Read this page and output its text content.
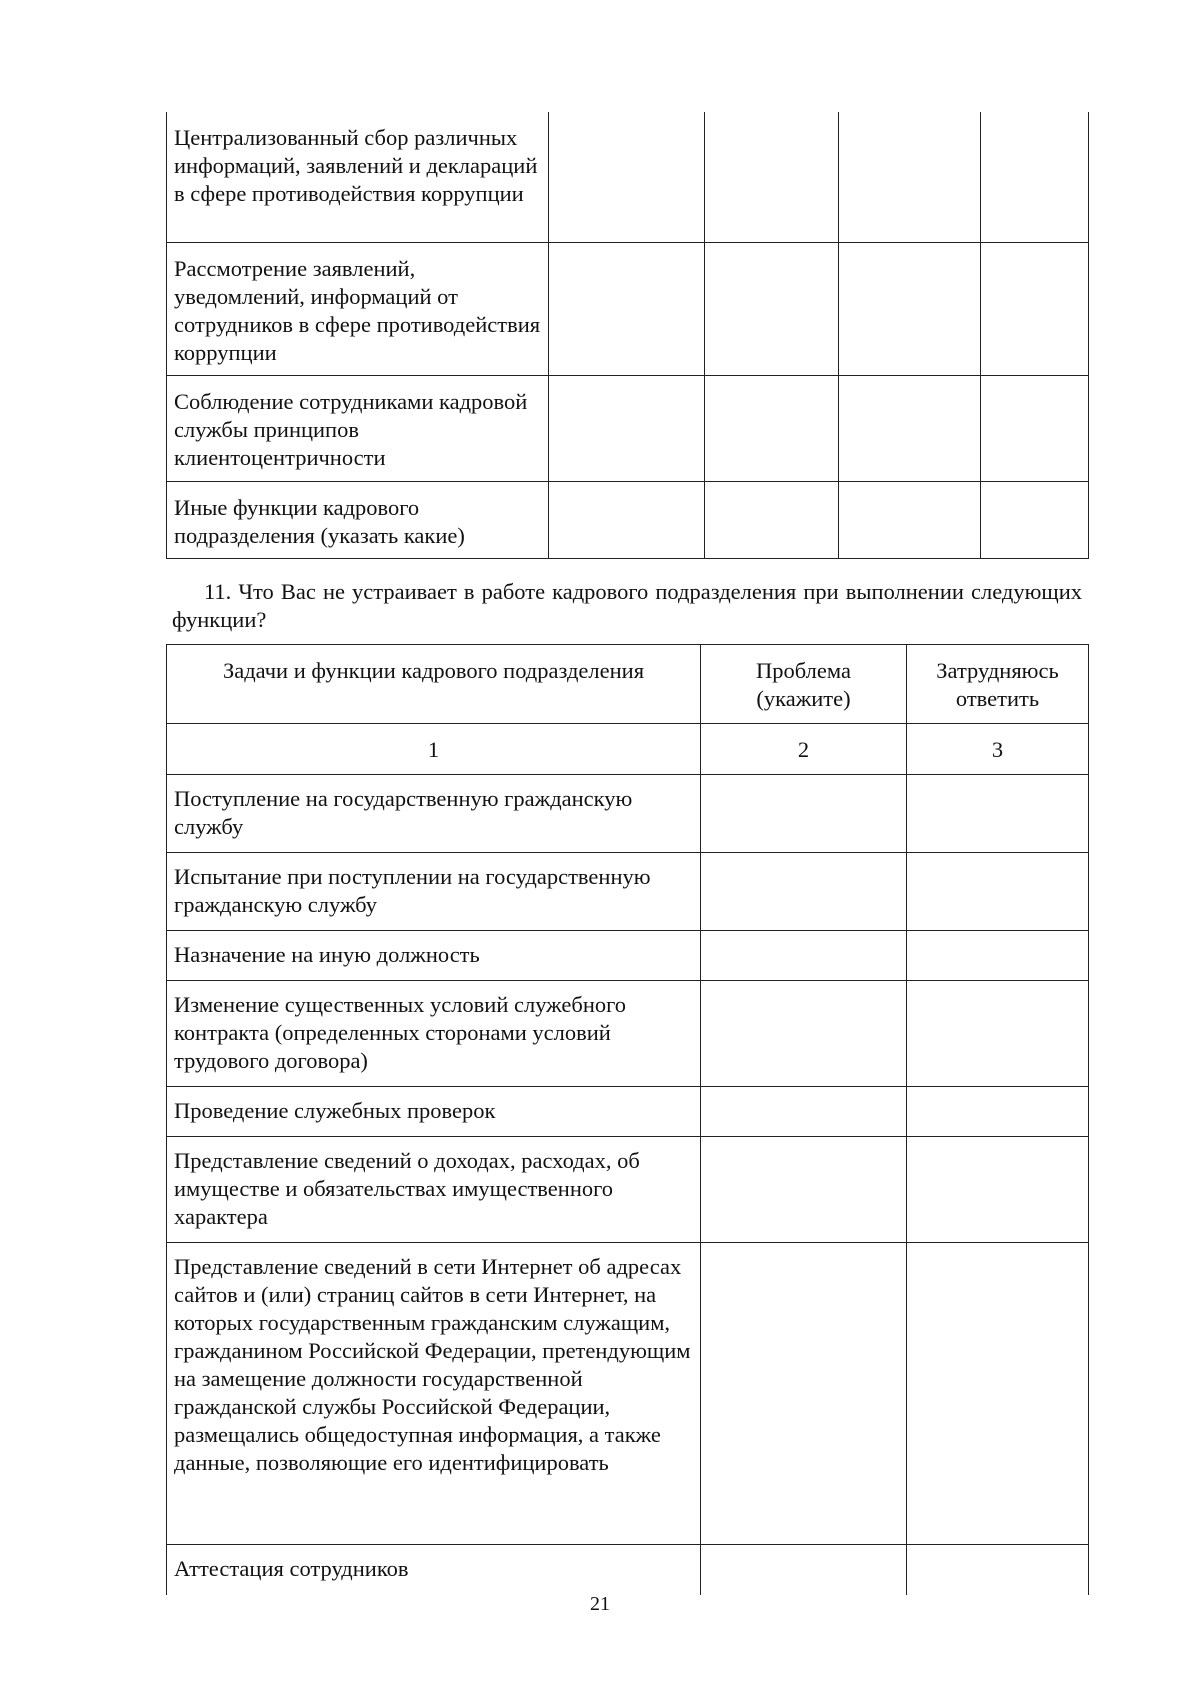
Централизованный сбор различных информаций, заявлений и деклараций в сфере противодействия коррупции				
Рассмотрение заявлений, уведомлений, информаций от сотрудников в сфере противодействия коррупции				
Соблюдение сотрудниками кадровой службы принципов клиентоцентричности				
Иные функции кадрового подразделения (указать какие)				
11. Что Вас не устраивает в работе кадрового подразделения при выполнении следующих функции?
Задачи и функции кадрового подразделения	Проблема (укажите)	Затрудняюсь ответить
1	2	3
Поступление на государственную гражданскую службу		
Испытание при поступлении на государственную гражданскую службу		
Назначение на иную должность		
Изменение существенных условий служебного контракта (определенных сторонами условий трудового договора)		
Проведение служебных проверок		
Представление сведений о доходах, расходах, об имуществе и обязательствах имущественного характера		
Представление сведений в сети Интернет об адресах сайтов и (или) страниц сайтов в сети Интернет, на которых государственным гражданским служащим, гражданином Российской Федерации, претендующим на замещение должности государственной гражданской службы Российской Федерации, размещались общедоступная информация, а также данные, позволяющие его идентифицировать		
Аттестация сотрудников		
21
